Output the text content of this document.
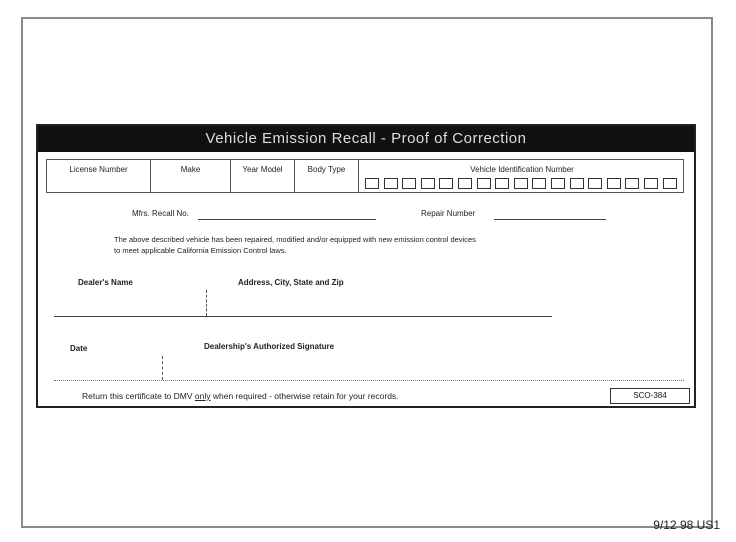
Vehicle Emission Recall - Proof of Correction
License Number	Make	Year Model	Body Type	Vehicle Identification Number
Mfrs. Recall No.	Repair Number
The above described vehicle has been repaired, modified and/or equipped with new emission control devices
to meet applicable California Emission Control laws.
Dealer's Name	Address, City, State and Zip
Date	Dealership's Authorized Signature
Return this certificate to DMV only when required - otherwise retain for your records.	SCO-384
9/12 98 US1
